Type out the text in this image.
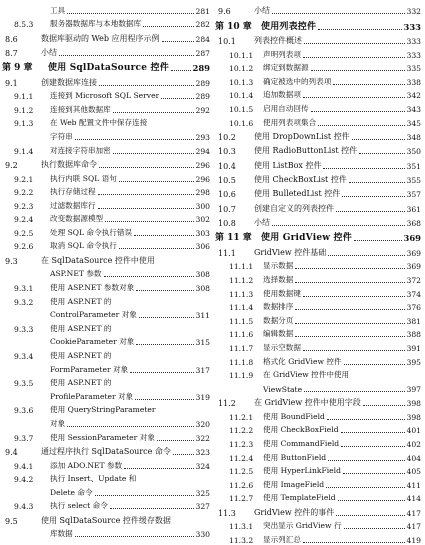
工具	281
8.5.3	服务器数据库与本地数据库	282
8.6	数据库驱动的 Web 应用程序示例	284
8.7	小结	287
第 9 章	使用 SqlDataSource 控件	289
9.1	创建数据库连接	289
9.1.1	连接到 Microsoft SQL Server	289
9.1.2	连接到其他数据库	292
9.1.3	在 Web 配置文件中保存连接
字符串	293
9.1.4	对连接字符串加密	294
9.2	执行数据库命令	296
9.2.1	执行内联 SQL 语句	296
9.2.2	执行存储过程	298
9.2.3	过滤数据库行	300
9.2.4	改变数据源模型	302
9.2.5	处理 SQL 命令执行错误	303
9.2.6	取消 SQL 命令执行	306
9.3	在 SqlDataSource 控件中使用
ASP.NET 参数	308
9.3.1	使用 ASP.NET 参数对象	308
9.3.2	使用 ASP.NET 的
ControlParameter 对象	311
9.3.3	使用 ASP.NET 的
CookieParameter 对象	315
9.3.4	使用 ASP.NET 的
FormParameter 对象	317
9.3.5	使用 ASP.NET 的
ProfileParameter 对象	319
9.3.6	使用 QueryStringParameter
对象	320
9.3.7	使用 SessionParameter 对象	322
9.4	通过程序执行 SqlDataSource 命令	323
9.4.1	添加 ADO.NET 参数	324
9.4.2	执行 Insert、Update 和
Delete 命令	325
9.4.3	执行 select 命令	327
9.5	使用 SqlDataSource 控件缓存数据
库数据	330
9.6	小结	332
第 10 章	使用列表控件	333
10.1	列表控件概述	333
10.1.1	声明列表项	333
10.1.2	绑定到数据源	335
10.1.3	确定被选中的列表项	338
10.1.4	追加数据项	342
10.1.5	启用自动回传	343
10.1.6	使用列表项集合	345
10.2	使用 DropDownList 控件	348
10.3	使用 RadioButtonList 控件	350
10.4	使用 ListBox 控件	351
10.5	使用 CheckBoxList 控件	355
10.6	使用 BulletedList 控件	357
10.7	创建自定义的列表控件	361
10.8	小结	368
第 11 章	使用 GridView 控件	369
11.1	GridView 控件基础	369
11.1.1	显示数据	369
11.1.2	选择数据	372
11.1.3	使用数据键	374
11.1.4	数据排序	376
11.1.5	数据分页	381
11.1.6	编辑数据	388
11.1.7	显示空数据	391
11.1.8	格式化 GridView 控件	395
11.1.9	在 GridView 控件中使用
ViewState	397
11.2	在 GridView 控件中使用字段	398
11.2.1	使用 BoundField	398
11.2.2	使用 CheckBoxField	401
11.2.3	使用 CommandField	402
11.2.4	使用 ButtonField	404
11.2.5	使用 HyperLinkField	405
11.2.6	使用 ImageField	411
11.2.7	使用 TemplateField	414
11.3	GridView 控件的事件	417
11.3.1	突出显示 GridView 行	417
11.3.2	显示列汇总	419
